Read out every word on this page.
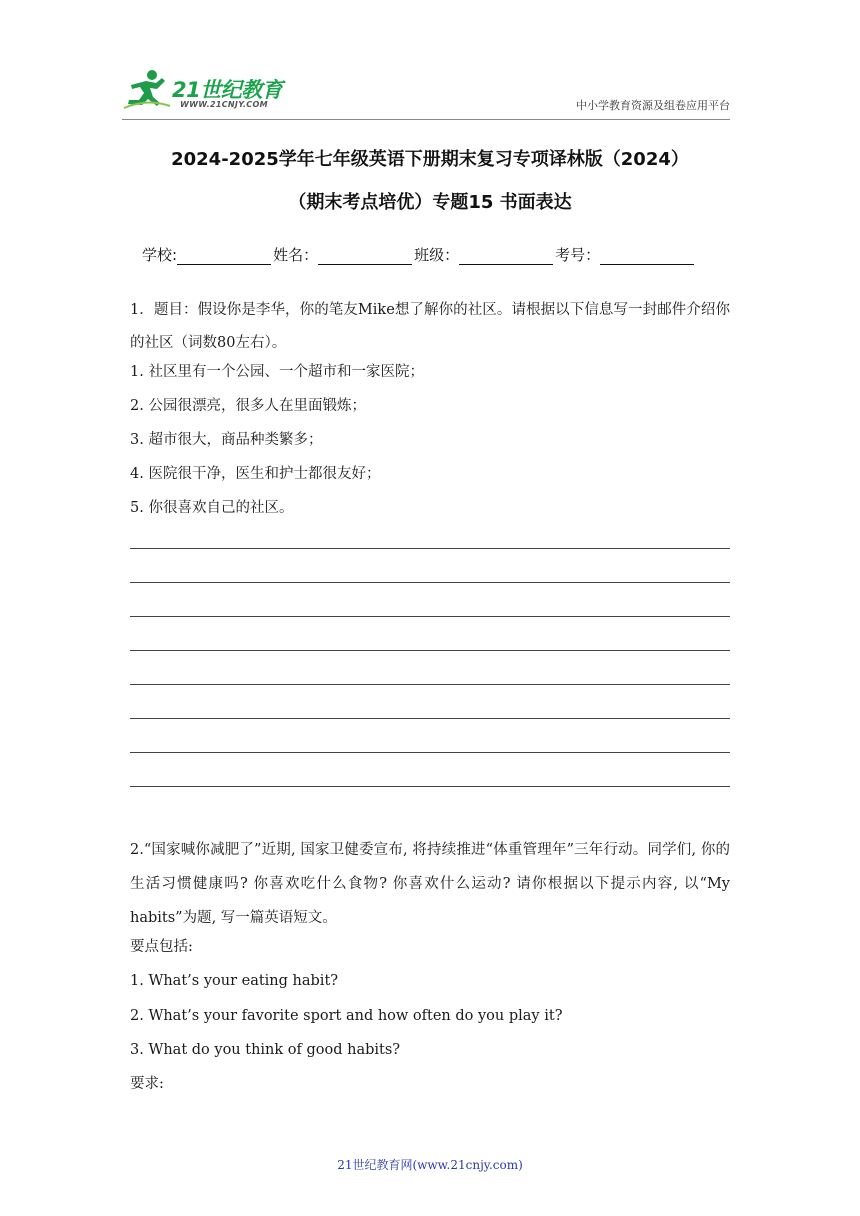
21世纪教育
WWW.21CNJY.COM	中小学教育资源及组卷应用平台
2024-2025学年七年级英语下册期末复习专项译林版（2024）
（期末考点培优）专题15 书面表达
学校:	姓名：	班级：	考号：
1．题目：假设你是李华，你的笔友Mike想了解你的社区。请根据以下信息写一封邮件介绍你的社区（词数80左右）。
1. 社区里有一个公园、一个超市和一家医院；
2. 公园很漂亮，很多人在里面锻炼；
3. 超市很大，商品种类繁多；
4. 医院很干净，医生和护士都很友好；
5. 你很喜欢自己的社区。
2.“国家喊你减肥了”近期, 国家卫健委宣布, 将持续推进“体重管理年”三年行动。同学们, 你的生活习惯健康吗? 你喜欢吃什么食物? 你喜欢什么运动? 请你根据以下提示内容, 以“My habits”为题, 写一篇英语短文。
要点包括:
1. What’s your eating habit?
2. What’s your favorite sport and how often do you play it?
3. What do you think of good habits?
要求:
21世纪教育网(www.21cnjy.com)
